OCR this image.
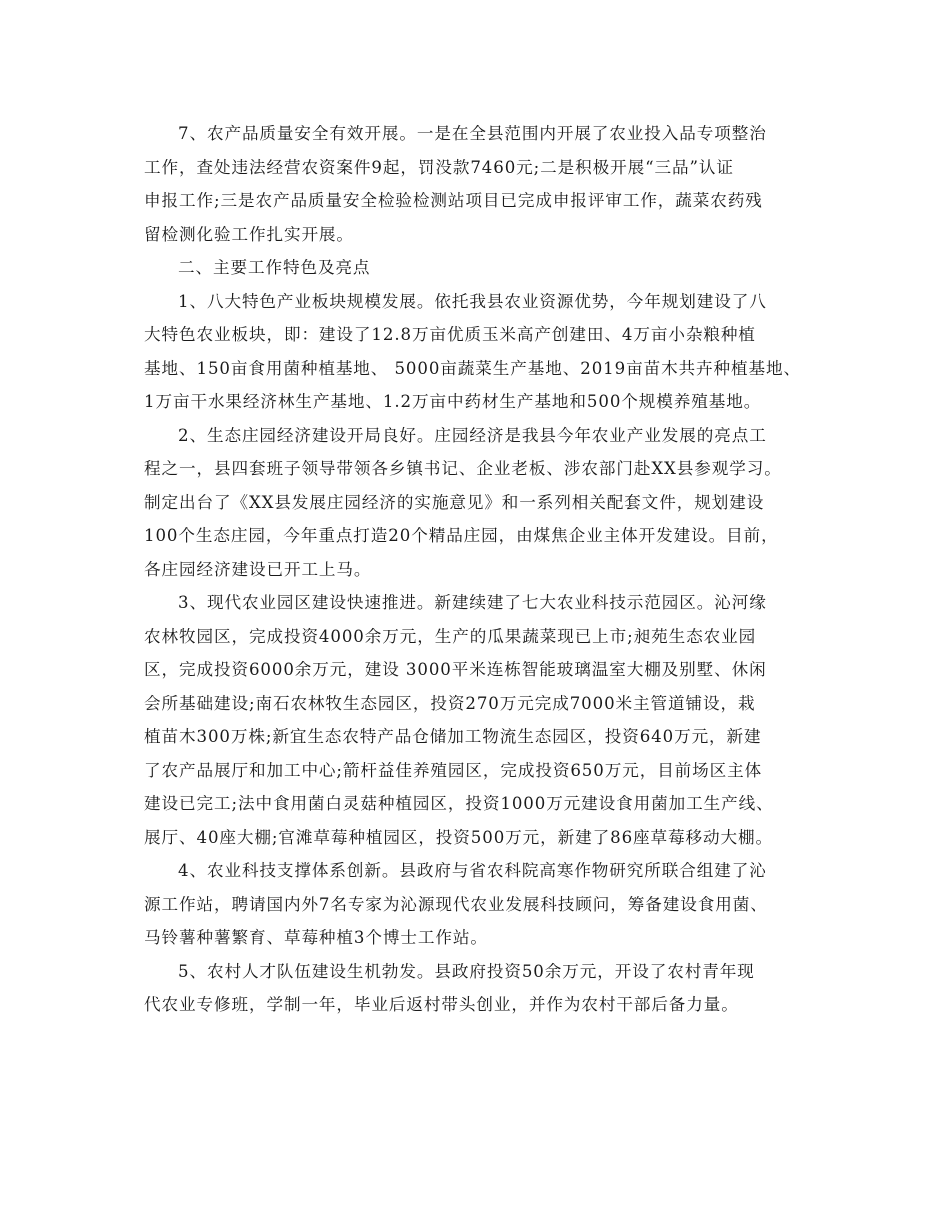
7、农产品质量安全有效开展。一是在全县范围内开展了农业投入品专项整治
工作，查处违法经营农资案件9起，罚没款7460元;二是积极开展“三品”认证
申报工作;三是农产品质量安全检验检测站项目已完成申报评审工作，蔬菜农药残
留检测化验工作扎实开展。
二、主要工作特色及亮点
1、八大特色产业板块规模发展。依托我县农业资源优势，今年规划建设了八
大特色农业板块，即：建设了12.8万亩优质玉米高产创建田、4万亩小杂粮种植
基地、150亩食用菌种植基地、 5000亩蔬菜生产基地、2019亩苗木共卉种植基地、
1万亩干水果经济林生产基地、1.2万亩中药材生产基地和500个规模养殖基地。
2、生态庄园经济建设开局良好。庄园经济是我县今年农业产业发展的亮点工
程之一，县四套班子领导带领各乡镇书记、企业老板、涉农部门赴XX县参观学习。
制定出台了《XX县发展庄园经济的实施意见》和一系列相关配套文件，规划建设
100个生态庄园，今年重点打造20个精品庄园，由煤焦企业主体开发建设。目前，
各庄园经济建设已开工上马。
3、现代农业园区建设快速推进。新建续建了七大农业科技示范园区。沁河缘
农林牧园区，完成投资4000余万元，生产的瓜果蔬菜现已上市;昶苑生态农业园
区，完成投资6000余万元，建设 3000平米连栋智能玻璃温室大棚及别墅、休闲
会所基础建设;南石农林牧生态园区，投资270万元完成7000米主管道铺设，栽
植苗木300万株;新宜生态农特产品仓储加工物流生态园区，投资640万元，新建
了农产品展厅和加工中心;箭杆益佳养殖园区，完成投资650万元，目前场区主体
建设已完工;法中食用菌白灵菇种植园区，投资1000万元建设食用菌加工生产线、
展厅、40座大棚;官滩草莓种植园区，投资500万元，新建了86座草莓移动大棚。
4、农业科技支撑体系创新。县政府与省农科院高寒作物研究所联合组建了沁
源工作站，聘请国内外7名专家为沁源现代农业发展科技顾问，筹备建设食用菌、
马铃薯种薯繁育、草莓种植3个博士工作站。
5、农村人才队伍建设生机勃发。县政府投资50余万元，开设了农村青年现
代农业专修班，学制一年，毕业后返村带头创业，并作为农村干部后备力量。
